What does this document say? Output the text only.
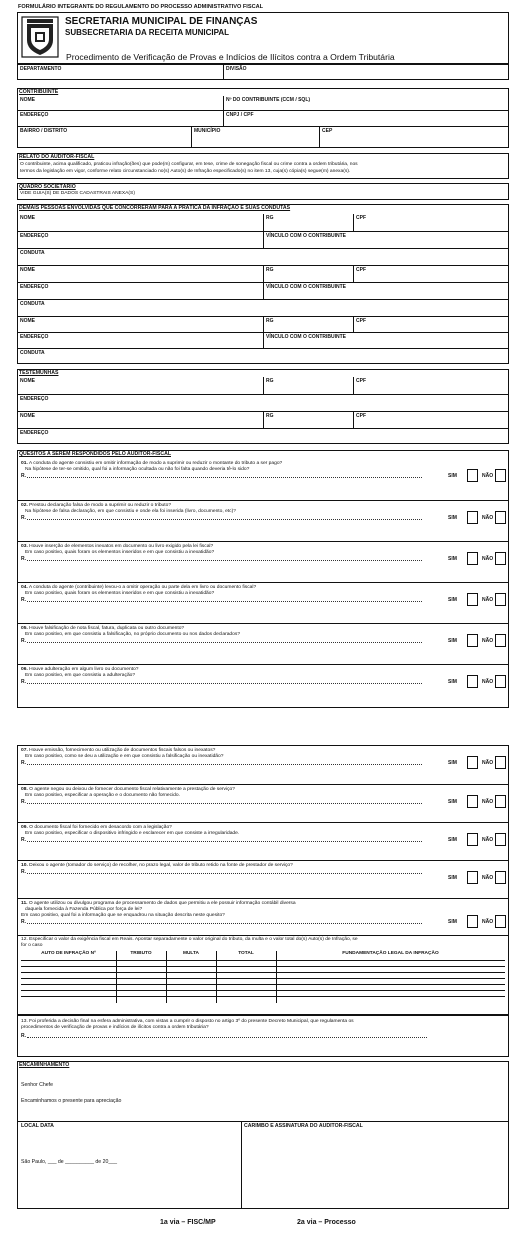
FORMULÁRIO INTEGRANTE DO REGULAMENTO DO PROCESSO ADMINISTRATIVO FISCAL
SECRETARIA MUNICIPAL DE FINANÇAS
SUBSECRETARIA DA RECEITA MUNICIPAL
Procedimento de Verificação de Provas e Indícios de Ilícitos contra a Ordem Tributária
DEPARTAMENTO	DIVISÃO
CONTRIBUINTE
NOME	Nº DO CONTRIBUINTE (CCM / SQL)
ENDEREÇO	CNPJ / CPF
BAIRRO / DISTRITO	MUNICÍPIO	CEP
RELATO DO AUDITOR-FISCAL
O contribuinte, acima qualificado, praticou infração(ões) que pode(m) configurar, em tese, crime de sonegação fiscal ou crime contra a ordem tributária, nos
termos da legislação em vigor, conforme relato circunstanciado no(s) Auto(s) de Infração especificado(s) no item 13, cuja(s) cópia(s) segue(m) anexa(s).
QUADRO SOCIETÁRIO
VIDE GUIA(S) DE DADOS CADASTRAIS ANEXA(S)
DEMAIS PESSOAS ENVOLVIDAS QUE CONCORRERAM PARA A PRÁTICA DA INFRAÇÃO E SUAS CONDUTAS
NOME	RG	CPF
ENDEREÇO	VÍNCULO COM O CONTRIBUINTE
CONDUTA
NOME	RG	CPF
ENDEREÇO	VÍNCULO COM O CONTRIBUINTE
CONDUTA
NOME	RG	CPF
ENDEREÇO	VÍNCULO COM O CONTRIBUINTE
CONDUTA
TESTEMUNHAS
NOME	RG	CPF
ENDEREÇO
NOME	RG	CPF
ENDEREÇO
QUESITOS A SEREM RESPONDIDOS PELO AUDITOR-FISCAL
01. A conduta do agente consistiu em omitir informação de modo a suprimir ou reduzir o montante do tributo a ser pago?
Na hipótese de ter-se omitido, qual foi a informação ocultada ou não foi falta quando deveria tê-lo sido?
R.	SIM	NÃO
02. Prestou declaração falsa de modo a suprimir ou reduzir o tributo?
Na hipótese de falsa declaração, em que consistiu e onde ela foi inserida (livro, documento, etc)?
R.	SIM	NÃO
03. Houve inserção de elementos inexatos em documento ou livro exigido pela lei fiscal?
Em caso positivo, quais foram os elementos inseridos e em que consistiu a inexatidão?
R.	SIM	NÃO
04. A conduta do agente (contribuinte) levou-o a omitir operação ou parte dela em livro ou documento fiscal?
Em caso positivo, quais foram os elementos inseridos e em que consistiu a inexatidão?
R.	SIM	NÃO
05. Houve falsificação de nota fiscal, fatura, duplicata ou outro documento?
Em caso positivo, em que consistiu a falsificação, no próprio documento ou nos dados declarados?
R.	SIM	NÃO
06. Houve adulteração em algum livro ou documento?
Em caso positivo, em que consistiu a adulteração?
R.	SIM	NÃO
07. Houve emissão, fornecimento ou utilização de documentos fiscais falsos ou inexatos?
Em caso positivo, como se deu a utilização e em que consistiu a falsificação ou inexatidão?
R.	SIM	NÃO
08. O agente negou ou deixou de fornecer documento fiscal relativamente a prestação de serviço?
Em caso positivo, especificar a operação e o documento não fornecido.
R.	SIM	NÃO
09. O documento fiscal foi fornecido em desacordo com a legislação?
Em caso positivo, especificar o dispositivo infringido e esclarecer em que consiste a irregularidade.
R.	SIM	NÃO
10. Deixou o agente (tomador do serviço) de recolher, no prazo legal, valor de tributo retido na fonte de prestador de serviço?
R.
SIM	NÃO
11. O agente utilizou ou divulgou programa de processamento de dados que permitiu a ele possuir informação contábil diversa
daquela fornecida à Fazenda Pública por força de lei?
Em caso positivo, qual foi a informação que se enquadrou na situação descrita neste quesito?
R.	SIM	NÃO
12. Especificar o valor da exigência fiscal em Reais. Apontar separadamente o valor original do tributo, da multa e o valor total do(s) Auto(s) de Infração, se
for o caso
AUTO DE INFRAÇÃO Nº	TRIBUTO	MULTA	TOTAL	FUNDAMENTAÇÃO LEGAL DA INFRAÇÃO
13. Foi proferida a decisão final na esfera administrativa, com vistas a cumprir o disposto no artigo 3º do presente Decreto Municipal, que regulamenta os
procedimentos de verificação de provas e indícios de ilícitos contra a ordem tributária?
R.
ENCAMINHAMENTO
Senhor Chefe
Encaminhamos o presente para apreciação
LOCAL DATA	CARIMBO E ASSINATURA DO AUDITOR-FISCAL
São Paulo, ___ de __________ de 20___
1a via – FISC/MP	2a via – Processo
